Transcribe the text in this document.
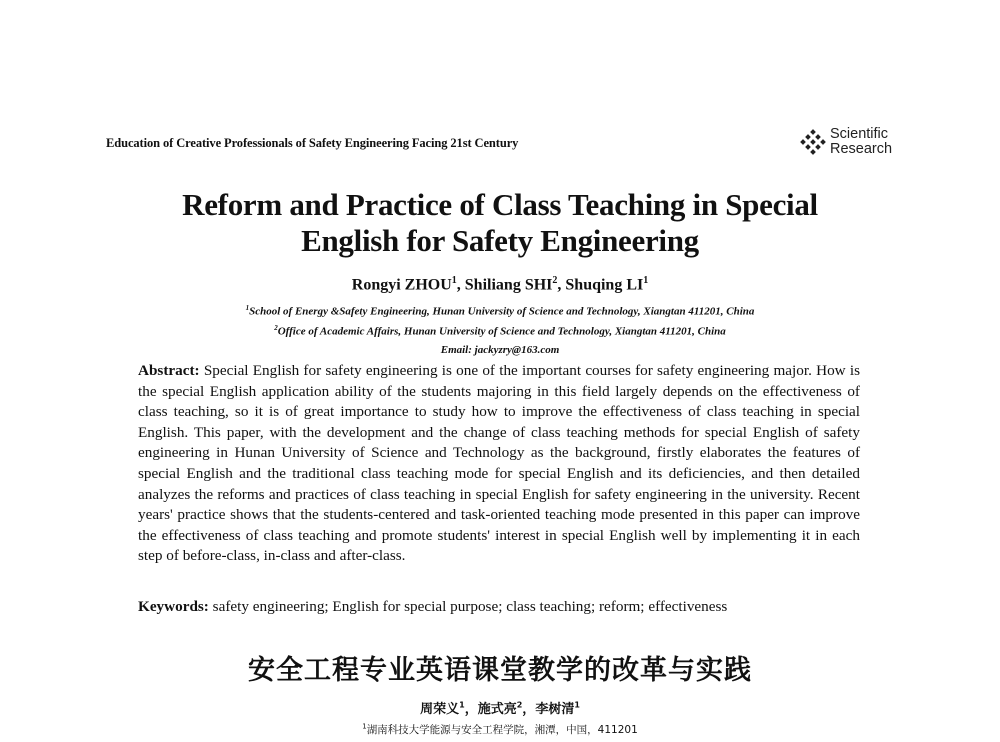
Education of Creative Professionals of Safety Engineering Facing 21st Century
Scientific
Research
Reform and Practice of Class Teaching in Special
English for Safety Engineering
Rongyi ZHOU$^1$, Shiliang SHI$^2$, Shuqing $LI^1$
$^1$School of Energy &Safety Engineering, Hunan University of Science and Technology, Xiangtan 411201, China
$^2$Office of Academic Affairs, Hunan University of Science and Technology, Xiangtan 411201, China
Email: jackyzry@163.com
Abstract: Special English for safety engineering is one of the important courses for safety engineering major. How is the special English application ability of the students majoring in this field largely depends on the effectiveness of class teaching, so it is of great importance to study how to improve the effectiveness of class teaching in special English. This paper, with the development and the change of class teaching methods for special English of safety engineering in Hunan University of Science and Technology as the background, firstly elaborates the features of special English and the traditional class teaching mode for special English and its deficiencies, and then detailed analyzes the reforms and practices of class teaching in special English for safety engineering in the university. Recent years' practice shows that the students-centered and task-oriented teaching mode presented in this paper can improve the effectiveness of class teaching and promote students' interest in special English well by implementing it in each step of before-class, in-class and after-class.
Keywords: safety engineering; English for special purpose; class teaching; reform; effectiveness
安全工程专业英语课堂教学的改革与实践
周荣义$^1$，施式亮$^2$，李树清$^1$
$^1$湖南科技大学能源与安全工程学院，湘潭，中国，411201
